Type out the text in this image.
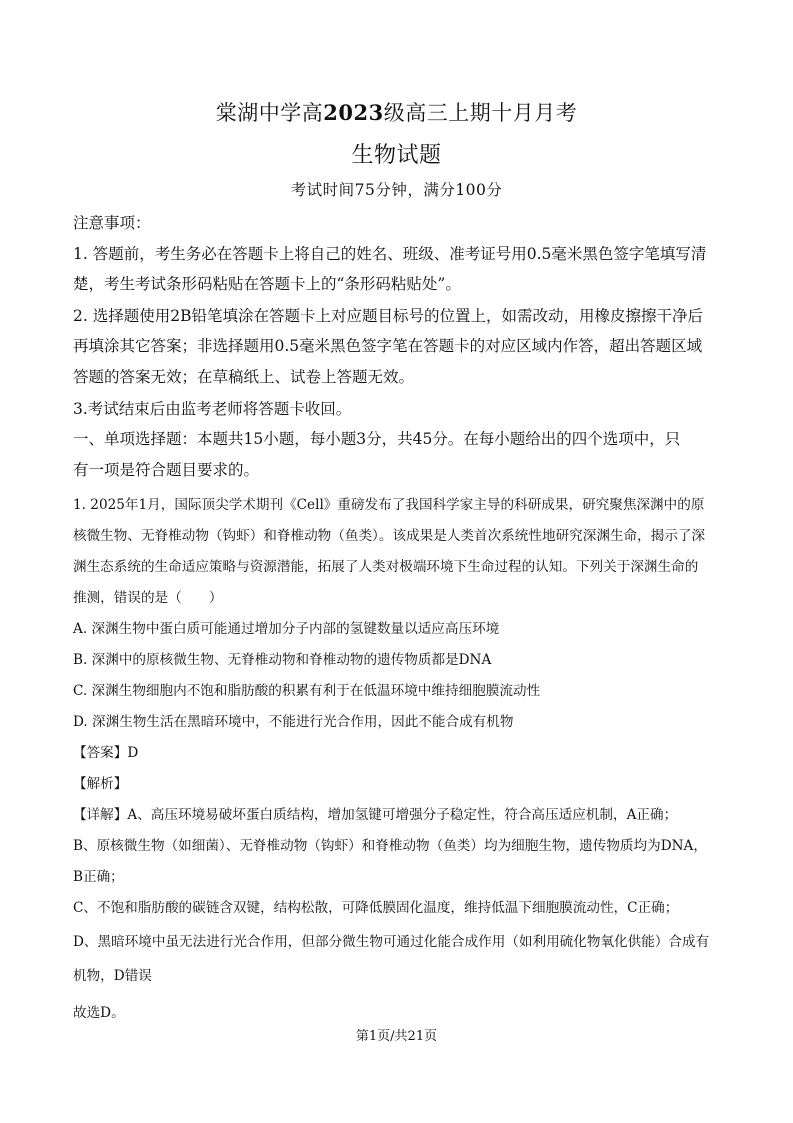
棠湖中学高2023级高三上期十月月考
生物试题
考试时间75分钟，满分100分
注意事项：
1. 答题前，考生务必在答题卡上将自己的姓名、班级、准考证号用0.5毫米黑色签字笔填写清
楚，考生考试条形码粘贴在答题卡上的“条形码粘贴处”。
2. 选择题使用2B铅笔填涂在答题卡上对应题目标号的位置上，如需改动，用橡皮擦擦干净后
再填涂其它答案；非选择题用0.5毫米黑色签字笔在答题卡的对应区域内作答，超出答题区域
答题的答案无效；在草稿纸上、试卷上答题无效。
3.考试结束后由监考老师将答题卡收回。
一、单项选择题：本题共15小题，每小题3分，共45分。在每小题给出的四个选项中，只
有一项是符合题目要求的。
1. 2025年1月，国际顶尖学术期刊《Cell》重磅发布了我国科学家主导的科研成果，研究聚焦深渊中的原
核微生物、无脊椎动物（钩虾）和脊椎动物（鱼类）。该成果是人类首次系统性地研究深渊生命，揭示了深
渊生态系统的生命适应策略与资源潜能，拓展了人类对极端环境下生命过程的认知。下列关于深渊生命的
推测，错误的是（　　）
A. 深渊生物中蛋白质可能通过增加分子内部的氢键数量以适应高压环境
B. 深渊中的原核微生物、无脊椎动物和脊椎动物的遗传物质都是DNA
C. 深渊生物细胞内不饱和脂肪酸的积累有利于在低温环境中维持细胞膜流动性
D. 深渊生物生活在黑暗环境中，不能进行光合作用，因此不能合成有机物
【答案】D
【解析】
【详解】A、高压环境易破坏蛋白质结构，增加氢键可增强分子稳定性，符合高压适应机制，A正确；
B、原核微生物（如细菌）、无脊椎动物（钩虾）和脊椎动物（鱼类）均为细胞生物，遗传物质均为DNA，
B正确；
C、不饱和脂肪酸的碳链含双键，结构松散，可降低膜固化温度，维持低温下细胞膜流动性，C正确；
D、黑暗环境中虽无法进行光合作用，但部分微生物可通过化能合成作用（如利用硫化物氧化供能）合成有
机物，D错误
故选D。
第1页/共21页
